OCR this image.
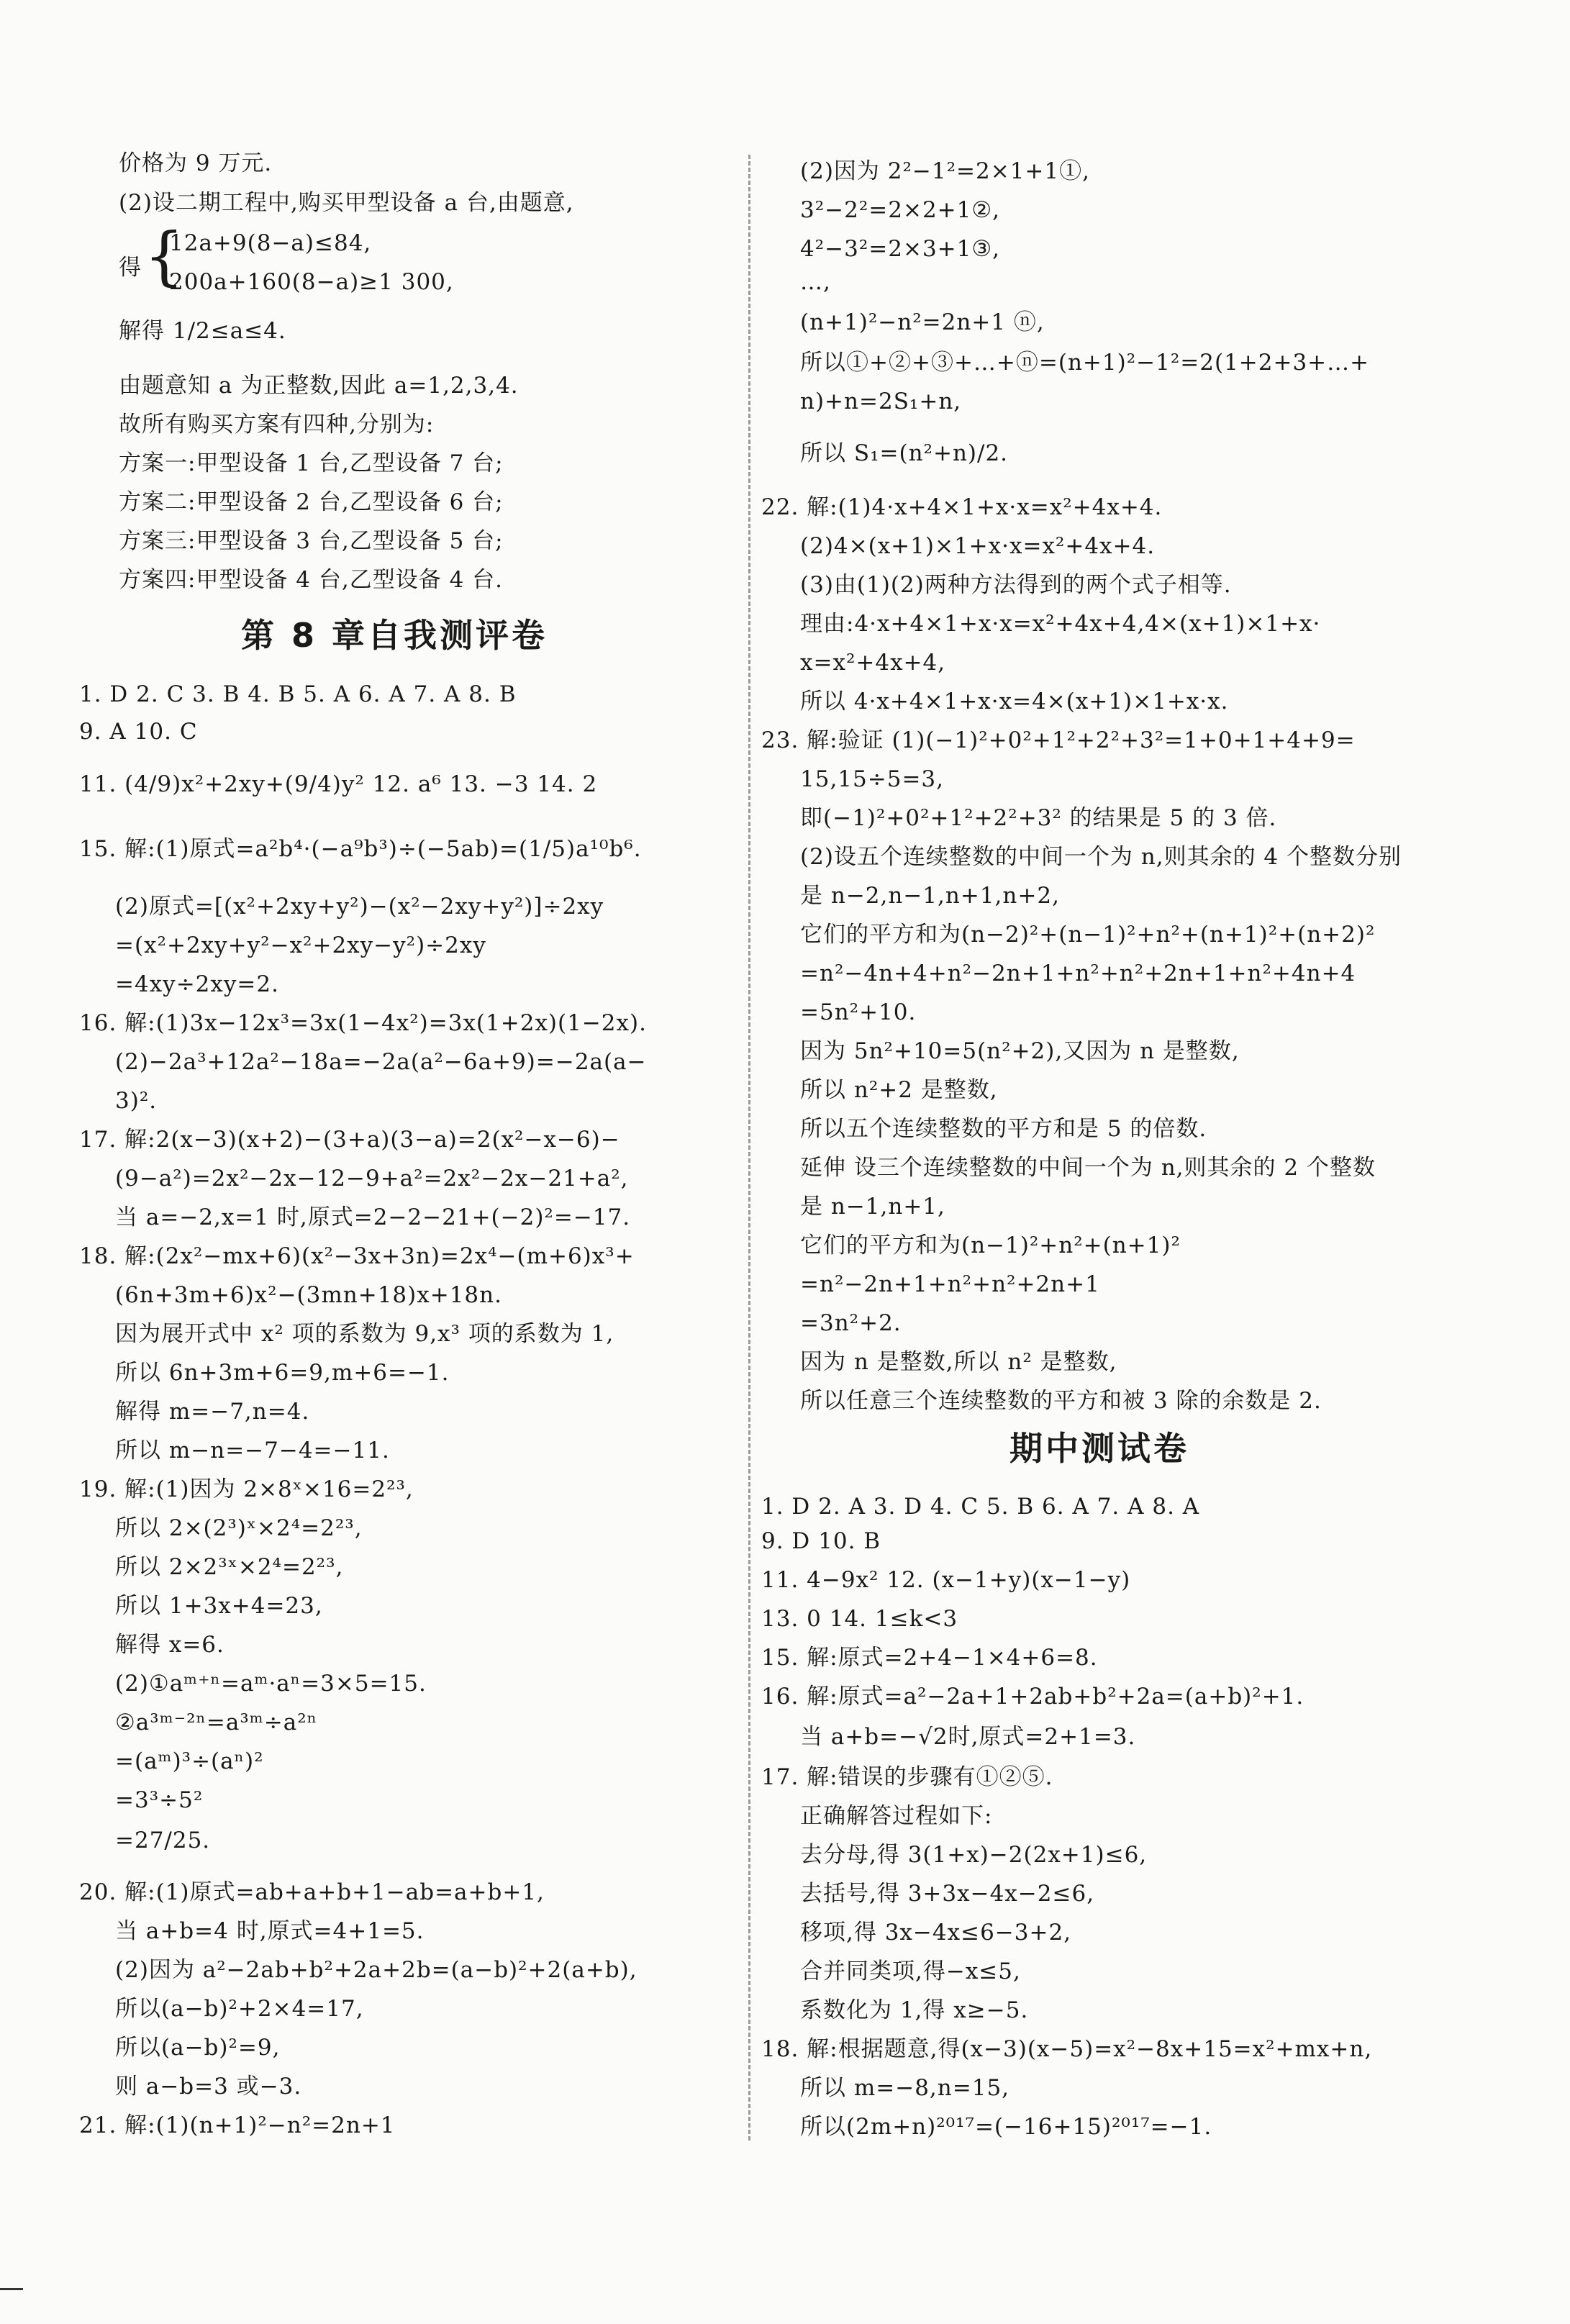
价格为 9 万元.
(2)设二期工程中,购买甲型设备 a 台,由题意,
得 {
12a+9(8−a)≤84,
200a+160(8−a)≥1 300,
解得 1/2≤a≤4.
由题意知 a 为正整数,因此 a=1,2,3,4.
故所有购买方案有四种,分别为:
方案一:甲型设备 1 台,乙型设备 7 台;
方案二:甲型设备 2 台,乙型设备 6 台;
方案三:甲型设备 3 台,乙型设备 5 台;
方案四:甲型设备 4 台,乙型设备 4 台.
第 8 章自我测评卷
1. D 2. C 3. B 4. B 5. A 6. A 7. A 8. B
9. A 10. C
11. (4/9)x²+2xy+(9/4)y² 12. a⁶ 13. −3 14. 2
15. 解:(1)原式=a²b⁴·(−a⁹b³)÷(−5ab)=(1/5)a¹⁰b⁶.
(2)原式=[(x²+2xy+y²)−(x²−2xy+y²)]÷2xy
=(x²+2xy+y²−x²+2xy−y²)÷2xy
=4xy÷2xy=2.
16. 解:(1)3x−12x³=3x(1−4x²)=3x(1+2x)(1−2x).
(2)−2a³+12a²−18a=−2a(a²−6a+9)=−2a(a−
3)².
17. 解:2(x−3)(x+2)−(3+a)(3−a)=2(x²−x−6)−
(9−a²)=2x²−2x−12−9+a²=2x²−2x−21+a²,
当 a=−2,x=1 时,原式=2−2−21+(−2)²=−17.
18. 解:(2x²−mx+6)(x²−3x+3n)=2x⁴−(m+6)x³+
(6n+3m+6)x²−(3mn+18)x+18n.
因为展开式中 x² 项的系数为 9,x³ 项的系数为 1,
所以 6n+3m+6=9,m+6=−1.
解得 m=−7,n=4.
所以 m−n=−7−4=−11.
19. 解:(1)因为 2×8ˣ×16=2²³,
所以 2×(2³)ˣ×2⁴=2²³,
所以 2×2³ˣ×2⁴=2²³,
所以 1+3x+4=23,
解得 x=6.
(2)①aᵐ⁺ⁿ=aᵐ·aⁿ=3×5=15.
②a³ᵐ⁻²ⁿ=a³ᵐ÷a²ⁿ
=(aᵐ)³÷(aⁿ)²
=3³÷5²
=27/25.
20. 解:(1)原式=ab+a+b+1−ab=a+b+1,
当 a+b=4 时,原式=4+1=5.
(2)因为 a²−2ab+b²+2a+2b=(a−b)²+2(a+b),
所以(a−b)²+2×4=17,
所以(a−b)²=9,
则 a−b=3 或−3.
21. 解:(1)(n+1)²−n²=2n+1
(2)因为 2²−1²=2×1+1①,
3²−2²=2×2+1②,
4²−3²=2×3+1③,
…,
(n+1)²−n²=2n+1 ⓝ,
所以①+②+③+…+ⓝ=(n+1)²−1²=2(1+2+3+…+
n)+n=2S₁+n,
所以 S₁=(n²+n)/2.
22. 解:(1)4·x+4×1+x·x=x²+4x+4.
(2)4×(x+1)×1+x·x=x²+4x+4.
(3)由(1)(2)两种方法得到的两个式子相等.
理由:4·x+4×1+x·x=x²+4x+4,4×(x+1)×1+x·
x=x²+4x+4,
所以 4·x+4×1+x·x=4×(x+1)×1+x·x.
23. 解:验证 (1)(−1)²+0²+1²+2²+3²=1+0+1+4+9=
15,15÷5=3,
即(−1)²+0²+1²+2²+3² 的结果是 5 的 3 倍.
(2)设五个连续整数的中间一个为 n,则其余的 4 个整数分别
是 n−2,n−1,n+1,n+2,
它们的平方和为(n−2)²+(n−1)²+n²+(n+1)²+(n+2)²
=n²−4n+4+n²−2n+1+n²+n²+2n+1+n²+4n+4
=5n²+10.
因为 5n²+10=5(n²+2),又因为 n 是整数,
所以 n²+2 是整数,
所以五个连续整数的平方和是 5 的倍数.
延伸 设三个连续整数的中间一个为 n,则其余的 2 个整数
是 n−1,n+1,
它们的平方和为(n−1)²+n²+(n+1)²
=n²−2n+1+n²+n²+2n+1
=3n²+2.
因为 n 是整数,所以 n² 是整数,
所以任意三个连续整数的平方和被 3 除的余数是 2.
期中测试卷
1. D 2. A 3. D 4. C 5. B 6. A 7. A 8. A
9. D 10. B
11. 4−9x² 12. (x−1+y)(x−1−y)
13. 0 14. 1≤k<3
15. 解:原式=2+4−1×4+6=8.
16. 解:原式=a²−2a+1+2ab+b²+2a=(a+b)²+1.
当 a+b=−√2时,原式=2+1=3.
17. 解:错误的步骤有①②⑤.
正确解答过程如下:
去分母,得 3(1+x)−2(2x+1)≤6,
去括号,得 3+3x−4x−2≤6,
移项,得 3x−4x≤6−3+2,
合并同类项,得−x≤5,
系数化为 1,得 x≥−5.
18. 解:根据题意,得(x−3)(x−5)=x²−8x+15=x²+mx+n,
所以 m=−8,n=15,
所以(2m+n)²⁰¹⁷=(−16+15)²⁰¹⁷=−1.
